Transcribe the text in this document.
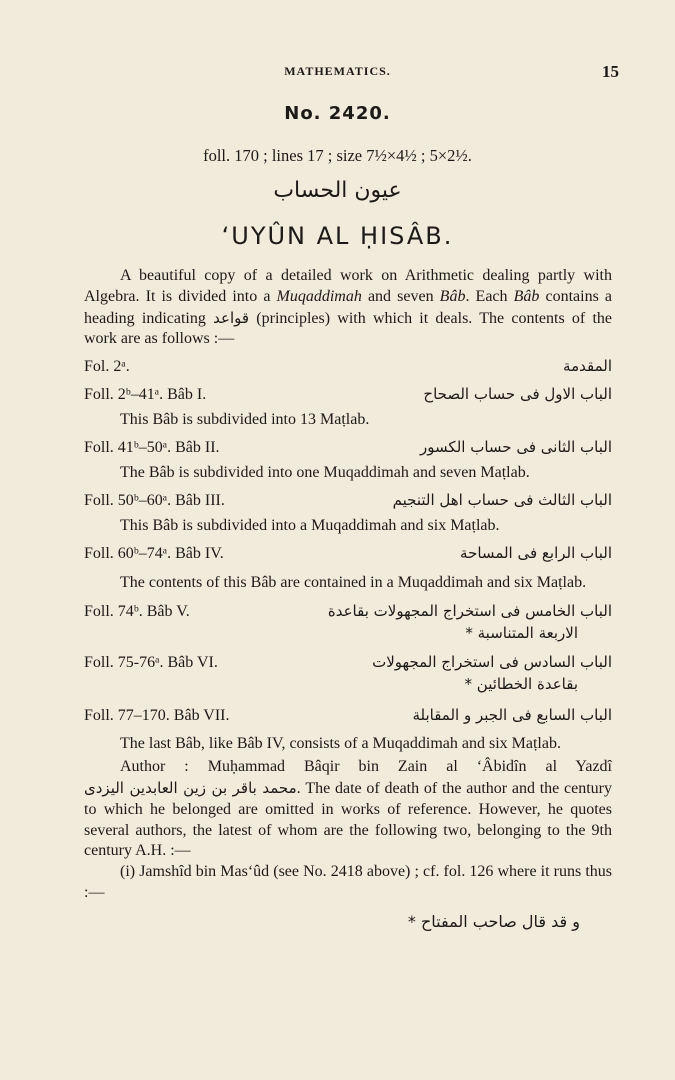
MATHEMATICS.	15
No. 2420.
foll. 170 ; lines 17 ; size 7½×4½ ; 5×2½.
عيون الحساب
‘UYÛN AL ḤISÂB.

A beautiful copy of a detailed work on Arithmetic dealing partly with Algebra. It is divided into a Muqaddimah and seven Bâb. Each Bâb contains a heading indicating قواعد (principles) with which it deals. The contents of the work are as follows :—

Fol. 2ᵃ.	المقدمة
Foll. 2ᵇ–41ᵃ. Bâb I.	الباب الاول فى حساب الصحاح

This Bâb is subdivided into 13 Maṭlab.

Foll. 41ᵇ–50ᵃ. Bâb II.	الباب الثانى فى حساب الكسور

The Bâb is subdivided into one Muqaddimah and seven Maṭlab.

Foll. 50ᵇ–60ᵃ. Bâb III.	الباب الثالث فى حساب اهل التنجيم

This Bâb is subdivided into a Muqaddimah and six Maṭlab.

Foll. 60ᵇ–74ᵃ. Bâb IV.	الباب الرابع فى المساحة

The contents of this Bâb are contained in a Muqaddimah and six Maṭlab.

Foll. 74ᵇ. Bâb V.	الباب الخامس فى استخراج المجهولات بقاعدة
الاربعة المتناسبة *
Foll. 75-76ᵃ. Bâb VI.	الباب السادس فى استخراج المجهولات
بقاعدة الخطائين *
Foll. 77–170. Bâb VII.	الباب السابع فى الجبر و المقابلة

The last Bâb, like Bâb IV, consists of a Muqaddimah and six Maṭlab.

Author : Muḥammad Bâqir bin Zain al ‘Âbidîn al Yazdî محمد باقر بن زين العابدين اليزدى. The date of death of the author and the century to which he belonged are omitted in works of reference. However, he quotes several authors, the latest of whom are the following two, belonging to the 9th century A.H. :—

(i) Jamshîd bin Mas‘ûd (see No. 2418 above) ; cf. fol. 126 where it runs thus :—

و قد قال صاحب المفتاح *
